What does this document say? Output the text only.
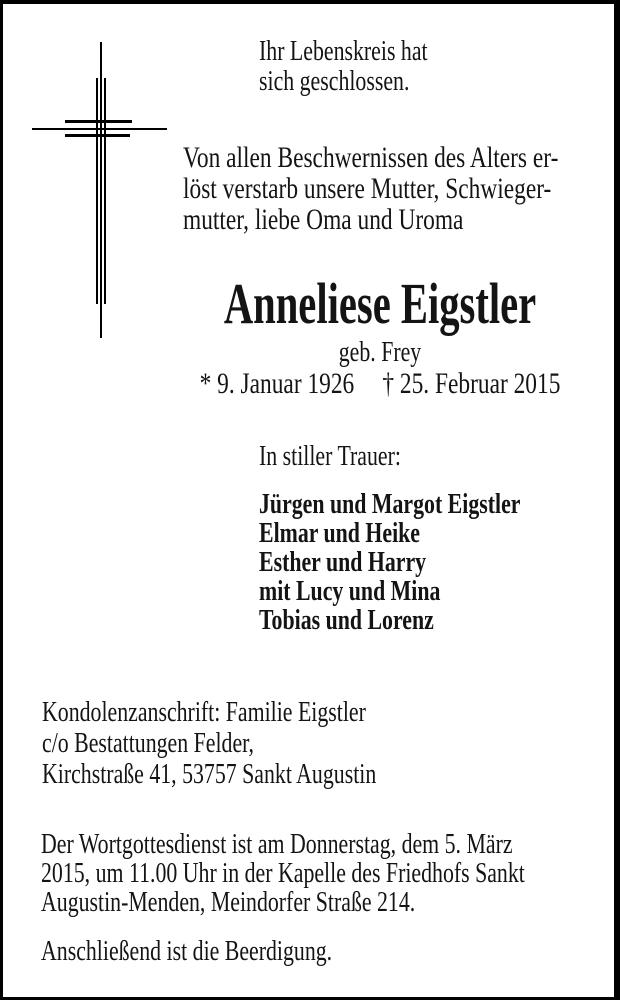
Ihr Lebenskreis hat
sich geschlossen.
Von allen Beschwernissen des Alters er-
löst verstarb unsere Mutter, Schwieger-
mutter, liebe Oma und Uroma
Anneliese Eigstler
geb. Frey
* 9. Januar 1926 † 25. Februar 2015
In stiller Trauer:
Jürgen und Margot Eigstler
Elmar und Heike
Esther und Harry
mit Lucy und Mina
Tobias und Lorenz
Kondolenzanschrift: Familie Eigstler
c/o Bestattungen Felder,
Kirchstraße 41, 53757 Sankt Augustin
Der Wortgottesdienst ist am Donnerstag, dem 5. März
2015, um 11.00 Uhr in der Kapelle des Friedhofs Sankt
Augustin-Menden, Meindorfer Straße 214.
Anschließend ist die Beerdigung.
